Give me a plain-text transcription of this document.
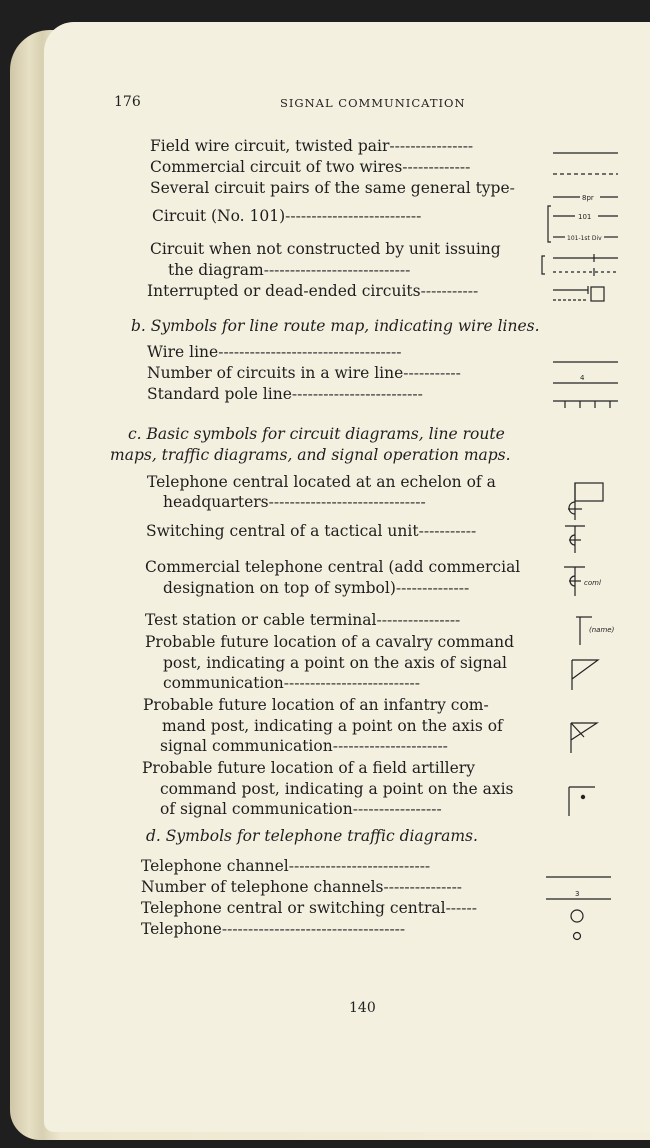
176	SIGNAL COMMUNICATION
Field wire circuit, twisted pair----------------
Commercial circuit of two wires-------------
Several circuit pairs of the same general type-
Circuit (No. 101)--------------------------
Circuit when not constructed by unit issuing
the diagram----------------------------
Interrupted or dead-ended circuits-----------
b. Symbols for line route map, indicating wire lines.
Wire line-----------------------------------
Number of circuits in a wire line-----------
Standard pole line-------------------------
c. Basic symbols for circuit diagrams, line route
maps, traffic diagrams, and signal operation maps.
Telephone central located at an echelon of a
headquarters------------------------------
Switching central of a tactical unit-----------
Commercial telephone central (add commercial
designation on top of symbol)--------------
Test station or cable terminal----------------
Probable future location of a cavalry command
post, indicating a point on the axis of signal
communication--------------------------
Probable future location of an infantry com-
mand post, indicating a point on the axis of
signal communication----------------------
Probable future location of a field artillery
command post, indicating a point on the axis
of signal communication-----------------
d. Symbols for telephone traffic diagrams.
Telephone channel---------------------------
Number of telephone channels---------------
Telephone central or switching central------
Telephone-----------------------------------
8pr
101
101-1st Div
4
coml
(name)
3
140
